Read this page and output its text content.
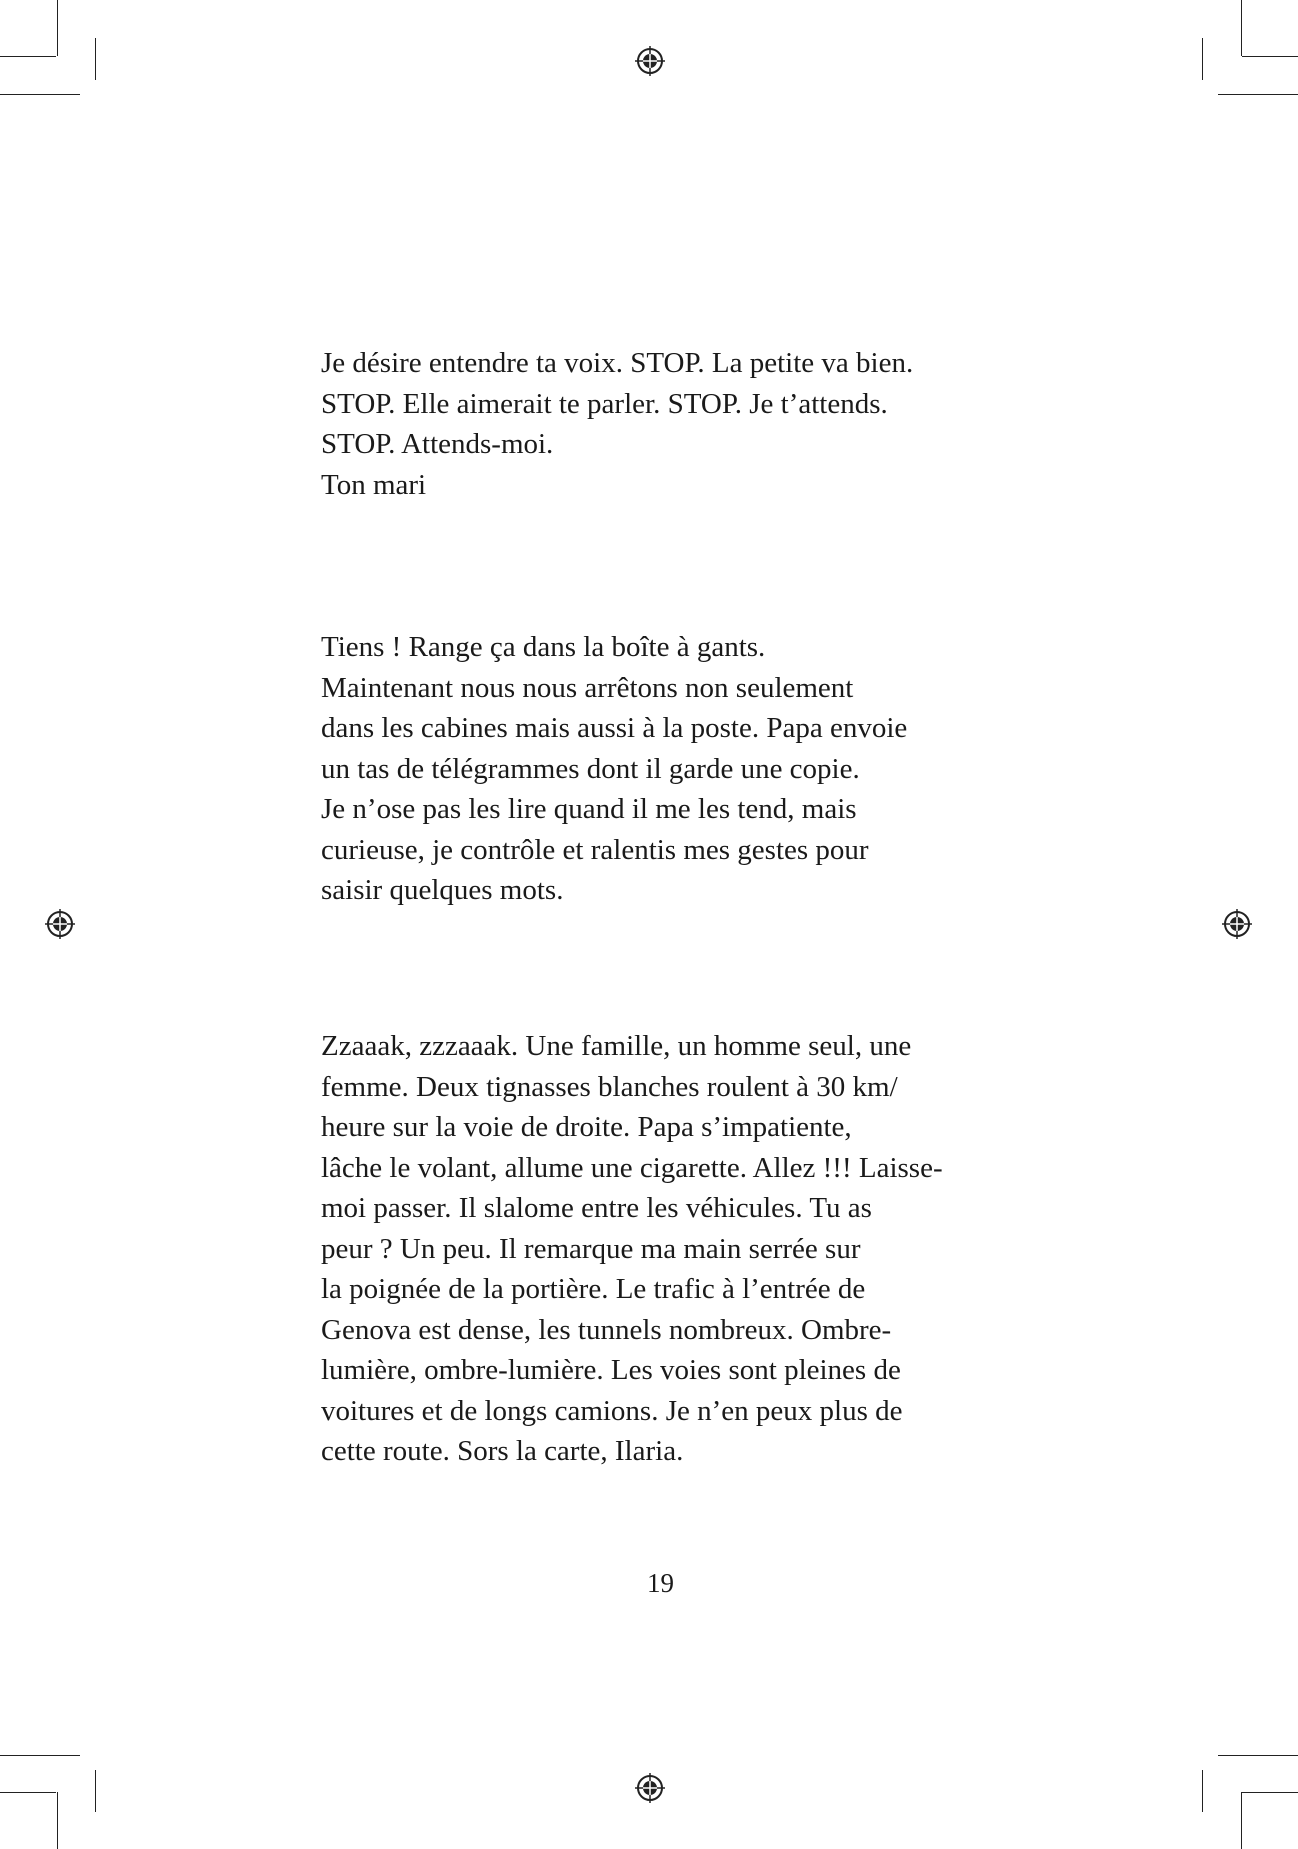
Je désire entendre ta voix. STOP. La petite va bien.

STOP. Elle aimerait te parler. STOP. Je t’attends.

STOP. Attends-moi.

Ton mari

Tiens ! Range ça dans la boîte à gants.

Maintenant nous nous arrêtons non seulement

dans les cabines mais aussi à la poste. Papa envoie

un tas de télégrammes dont il garde une copie.

Je n’ose pas les lire quand il me les tend, mais

curieuse, je contrôle et ralentis mes gestes pour

saisir quelques mots.

Zzaaak, zzzaaak. Une famille, un homme seul, une

femme. Deux tignasses blanches roulent à 30 km/

heure sur la voie de droite. Papa s’impatiente,

lâche le volant, allume une cigarette. Allez !!! Laisse-

moi passer. Il slalome entre les véhicules. Tu as

peur ? Un peu. Il remarque ma main serrée sur

la poignée de la portière. Le trafic à l’entrée de

Genova est dense, les tunnels nombreux. Ombre-

lumière, ombre-lumière. Les voies sont pleines de

voitures et de longs camions. Je n’en peux plus de

cette route. Sors la carte, Ilaria.

19
